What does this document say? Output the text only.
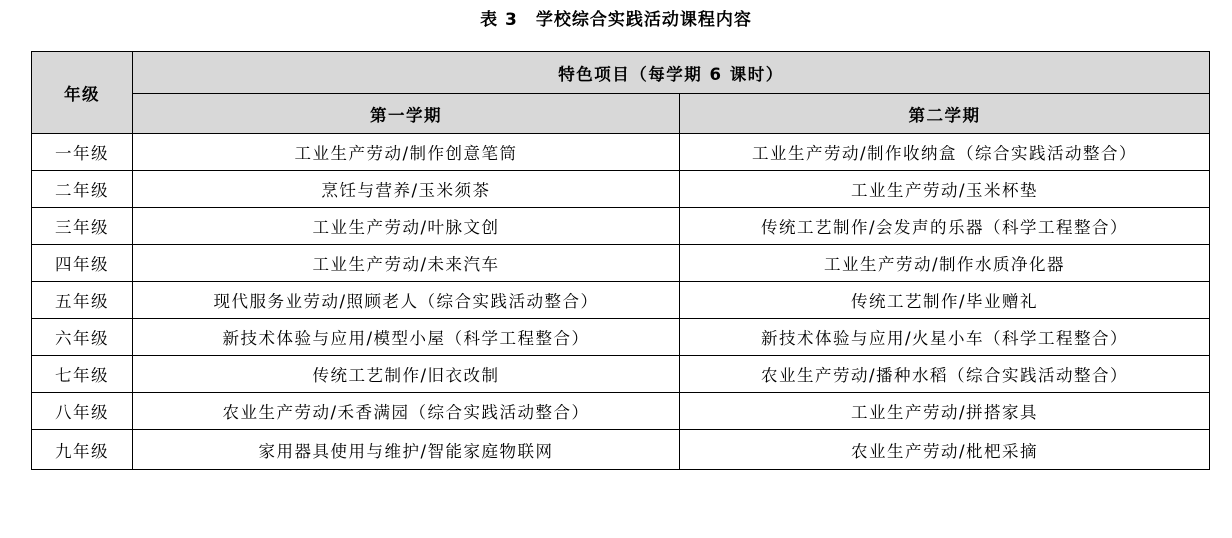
表 3　学校综合实践活动课程内容
年级	特色项目（每学期 6 课时）	
	第一学期	第二学期
一年级	工业生产劳动/制作创意笔筒	工业生产劳动/制作收纳盒（综合实践活动整合）
二年级	烹饪与营养/玉米须茶	工业生产劳动/玉米杯垫
三年级	工业生产劳动/叶脉文创	传统工艺制作/会发声的乐器（科学工程整合）
四年级	工业生产劳动/未来汽车	工业生产劳动/制作水质净化器
五年级	现代服务业劳动/照顾老人（综合实践活动整合）	传统工艺制作/毕业赠礼
六年级	新技术体验与应用/模型小屋（科学工程整合）	新技术体验与应用/火星小车（科学工程整合）
七年级	传统工艺制作/旧衣改制	农业生产劳动/播种水稻（综合实践活动整合）
八年级	农业生产劳动/禾香满园（综合实践活动整合）	工业生产劳动/拼搭家具
九年级	家用器具使用与维护/智能家庭物联网	农业生产劳动/枇杷采摘
